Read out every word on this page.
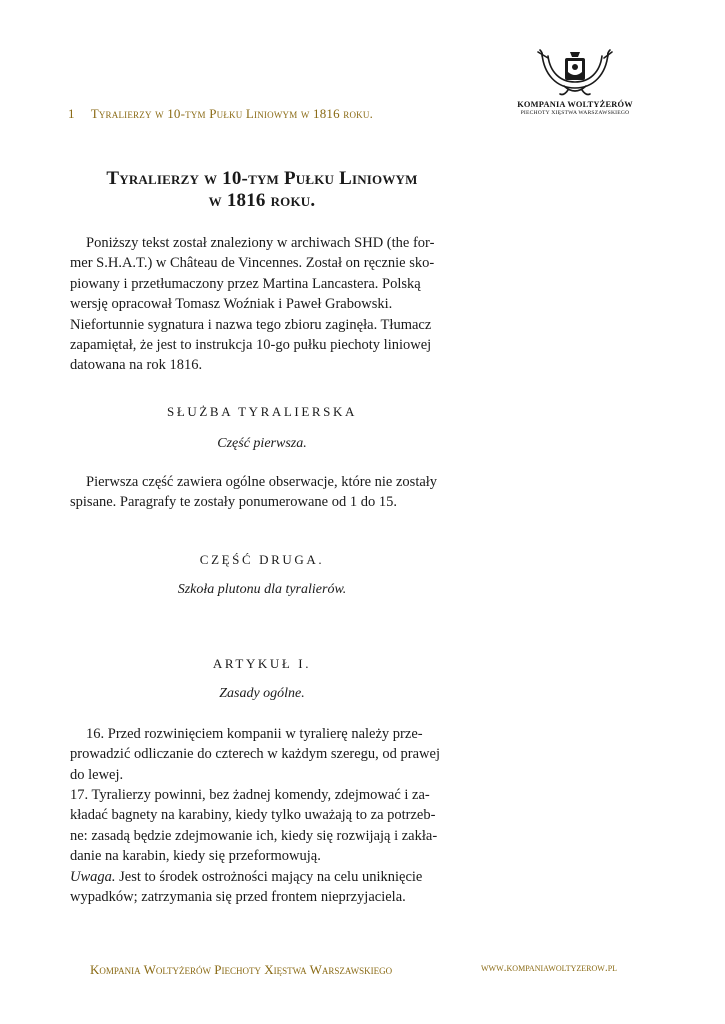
1 Tyralierzy w 10-tym Pułku Liniowym w 1816 roku.
KOMPANIA WOLTYŻERÓW
PIECHOTY XIĘSTWA WARSZAWSKIEGO
Tyralierzy w 10-tym Pułku Liniowym
w 1816 roku.
Poniższy tekst został znaleziony w archiwach SHD (the for-
mer S.H.A.T.) w Château de Vincennes. Został on ręcznie sko-
piowany i przetłumaczony przez Martina Lancastera. Polską
wersję opracował Tomasz Woźniak i Paweł Grabowski.
Niefortunnie sygnatura i nazwa tego zbioru zaginęła. Tłumacz
zapamiętał, że jest to instrukcja 10-go pułku piechoty liniowej
datowana na rok 1816.
SŁUŻBA TYRALIERSKA
Część pierwsza.
Pierwsza część zawiera ogólne obserwacje, które nie zostały
spisane. Paragrafy te zostały ponumerowane od 1 do 15.
CZĘŚĆ DRUGA.
Szkoła plutonu dla tyralierów.
ARTYKUŁ I.
Zasady ogólne.
16. Przed rozwinięciem kompanii w tyralierę należy prze-
prowadzić odliczanie do czterech w każdym szeregu, od prawej
do lewej.
17. Tyralierzy powinni, bez żadnej komendy, zdejmować i za-
kładać bagnety na karabiny, kiedy tylko uważają to za potrzeb-
ne: zasadą będzie zdejmowanie ich, kiedy się rozwijają i zakła-
danie na karabin, kiedy się przeformowują.
Uwaga. Jest to środek ostrożności mający na celu uniknięcie
wypadków; zatrzymania się przed frontem nieprzyjaciela.
Kompania Woltyżerów Piechoty Xięstwa Warszawskiego	www.kompaniawoltyzerow.pl
